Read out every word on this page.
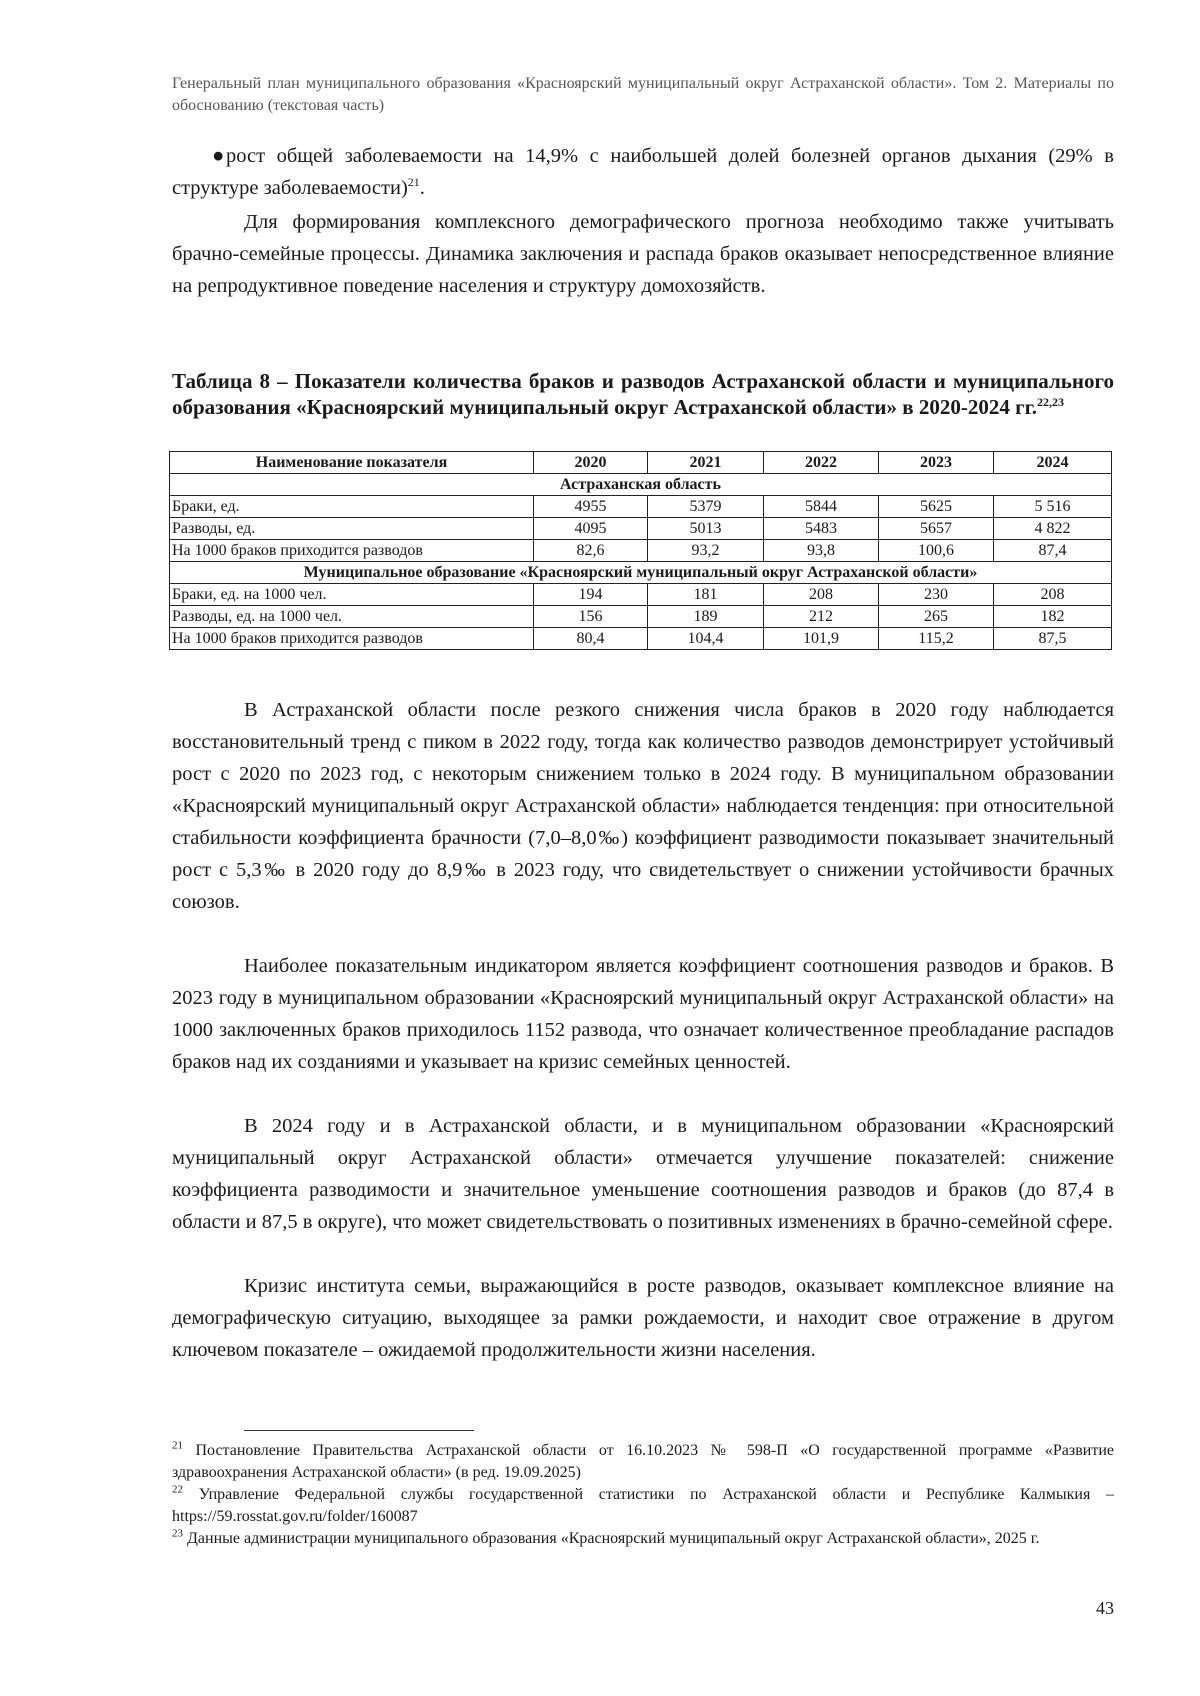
Генеральный план муниципального образования «Красноярский муниципальный округ Астраханской области». Том 2. Материалы по обоснованию (текстовая часть)
●рост общей заболеваемости на 14,9% с наибольшей долей болезней органов дыхания (29% в структуре заболеваемости)$^{21}$.
Для формирования комплексного демографического прогноза необходимо также учитывать брачно-семейные процессы. Динамика заключения и распада браков оказывает непосредственное влияние на репродуктивное поведение населения и структуру домохозяйств.
Таблица 8 – Показатели количества браков и разводов Астраханской области и муниципального образования «Красноярский муниципальный округ Астраханской области» в 2020-2024 гг.$^{22,23}$
Наименование показателя	2020	2021	2022	2023	2024
Астраханская область					
Браки, ед.	4955	5379	5844	5625	5 516
Разводы, ед.	4095	5013	5483	5657	4 822
На 1000 браков приходится разводов	82,6	93,2	93,8	100,6	87,4
Муниципальное образование «Красноярский муниципальный округ Астраханской области»					
Браки, ед. на 1000 чел.	194	181	208	230	208
Разводы, ед. на 1000 чел.	156	189	212	265	182
На 1000 браков приходится разводов	80,4	104,4	101,9	115,2	87,5
В Астраханской области после резкого снижения числа браков в 2020 году наблюдается восстановительный тренд с пиком в 2022 году, тогда как количество разводов демонстрирует устойчивый рост с 2020 по 2023 год, с некоторым снижением только в 2024 году. В муниципальном образовании «Красноярский муниципальный округ Астраханской области» наблюдается тенденция: при относительной стабильности коэффициента брачности (7,0–8,0‰) коэффициент разводимости показывает значительный рост с 5,3‰ в 2020 году до 8,9‰ в 2023 году, что свидетельствует о снижении устойчивости брачных союзов.
Наиболее показательным индикатором является коэффициент соотношения разводов и браков. В 2023 году в муниципальном образовании «Красноярский муниципальный округ Астраханской области» на 1000 заключенных браков приходилось 1152 развода, что означает количественное преобладание распадов браков над их созданиями и указывает на кризис семейных ценностей.
В 2024 году и в Астраханской области, и в муниципальном образовании «Красноярский муниципальный округ Астраханской области» отмечается улучшение показателей: снижение коэффициента разводимости и значительное уменьшение соотношения разводов и браков (до 87,4 в области и 87,5 в округе), что может свидетельствовать о позитивных изменениях в брачно-семейной сфере.
Кризис института семьи, выражающийся в росте разводов, оказывает комплексное влияние на демографическую ситуацию, выходящее за рамки рождаемости, и находит свое отражение в другом ключевом показателе – ожидаемой продолжительности жизни населения.

$^{21}$ Постановление Правительства Астраханской области от 16.10.2023 № 598-П «О государственной программе «Развитие здравоохранения Астраханской области» (в ред. 19.09.2025)

$^{22}$ Управление Федеральной службы государственной статистики по Астраханской области и Республике Калмыкия – https://59.rosstat.gov.ru/folder/160087

$^{23}$ Данные администрации муниципального образования «Красноярский муниципальный округ Астраханской области», 2025 г.

43
